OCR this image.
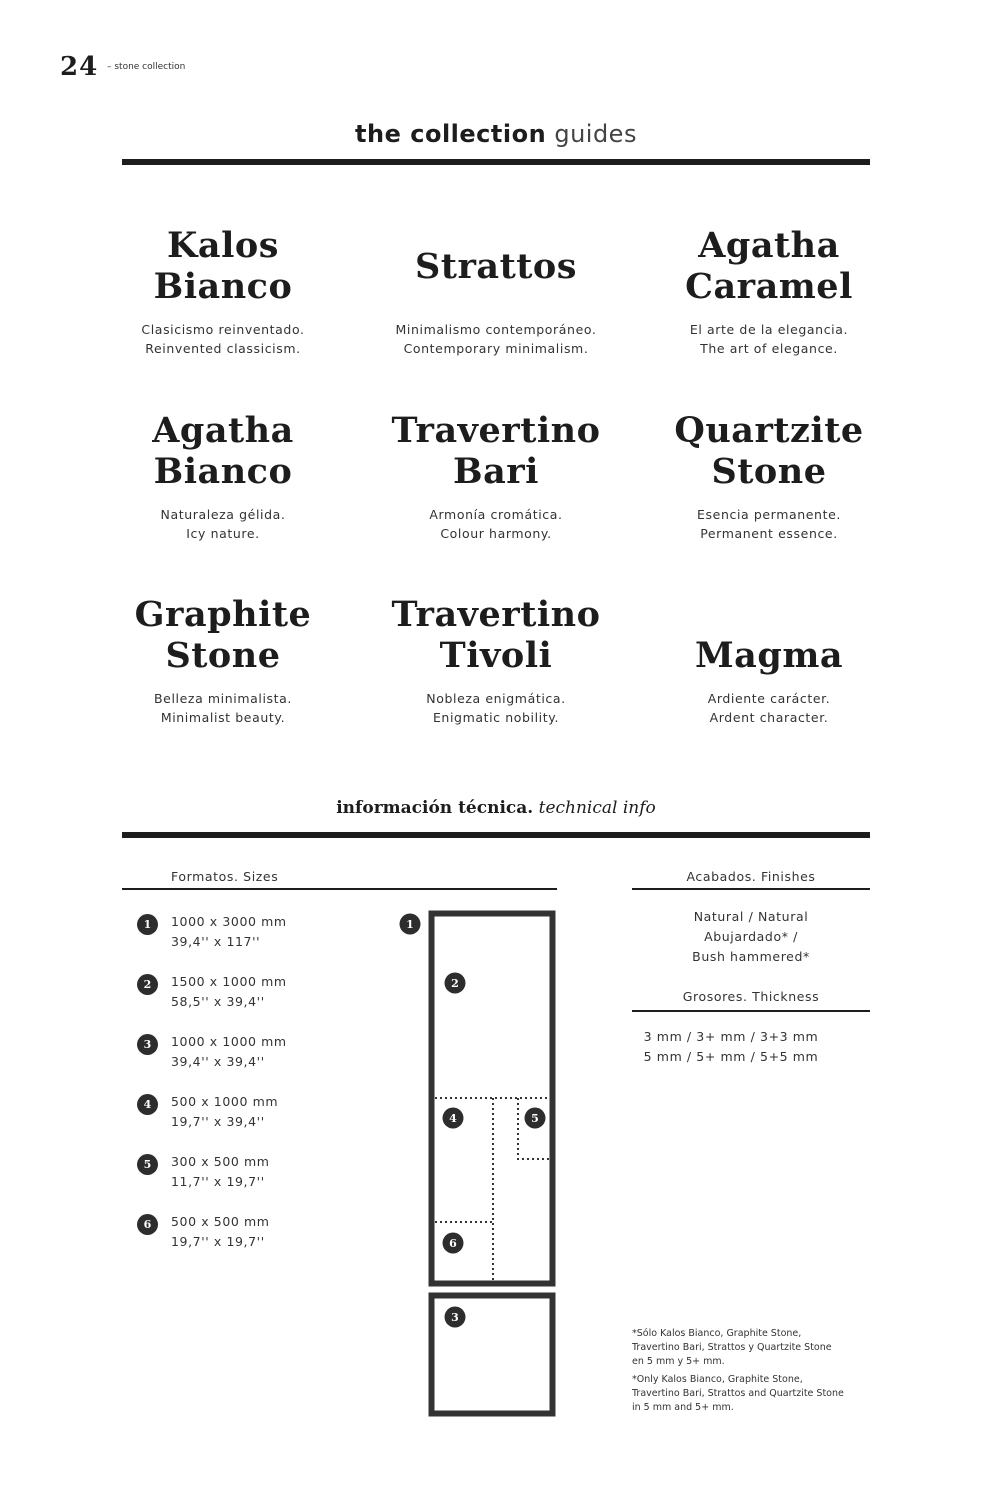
24 – stone collection
the collection guides
Kalos
Bianco
Clasicismo reinventado.
Reinvented classicism.
Strattos
Minimalismo contemporáneo.
Contemporary minimalism.
Agatha
Caramel
El arte de la elegancia.
The art of elegance.
Agatha
Bianco
Naturaleza gélida.
Icy nature.
Travertino
Bari
Armonía cromática.
Colour harmony.
Quartzite
Stone
Esencia permanente.
Permanent essence.
Graphite
Stone
Belleza minimalista.
Minimalist beauty.
Travertino
Tivoli
Nobleza enigmática.
Enigmatic nobility.
Magma
Ardiente carácter.
Ardent character.
información técnica. technical info
Formatos. Sizes
1	1000 x 3000 mm
39,4'' x 117''
2	1500 x 1000 mm
58,5'' x 39,4''
3	1000 x 1000 mm
39,4'' x 39,4''
4	500 x 1000 mm
19,7'' x 39,4''
5	300 x 500 mm
11,7'' x 19,7''
6	500 x 500 mm
19,7'' x 19,7''
1
2
3
4	5
6
Acabados. Finishes
Natural / Natural
Abujardado* /
Bush hammered*
Grosores. Thickness
3 mm / 3+ mm / 3+3 mm
5 mm / 5+ mm / 5+5 mm
*Sólo Kalos Bianco, Graphite Stone,
Travertino Bari, Strattos y Quartzite Stone
en 5 mm y 5+ mm.
*Only Kalos Bianco, Graphite Stone,
Travertino Bari, Strattos and Quartzite Stone
in 5 mm and 5+ mm.
